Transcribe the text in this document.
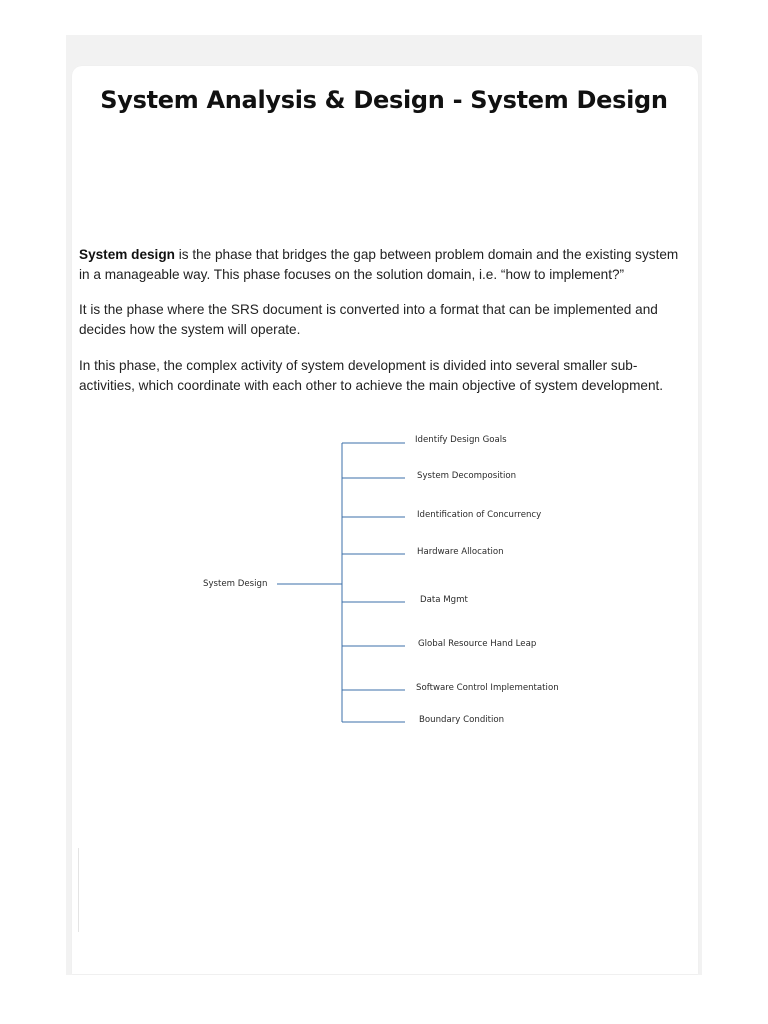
System Analysis & Design - System Design

System design is the phase that bridges the gap between problem domain and the existing system in a manageable way. This phase focuses on the solution domain, i.e. “how to implement?”

It is the phase where the SRS document is converted into a format that can be implemented and decides how the system will operate.

In this phase, the complex activity of system development is divided into several smaller sub-activities, which coordinate with each other to achieve the main objective of system development.

System Design
Identify Design Goals
System Decomposition
Identification of Concurrency
Hardware Allocation
Data Mgmt
Global Resource Hand Leap
Software Control Implementation
Boundary Condition
